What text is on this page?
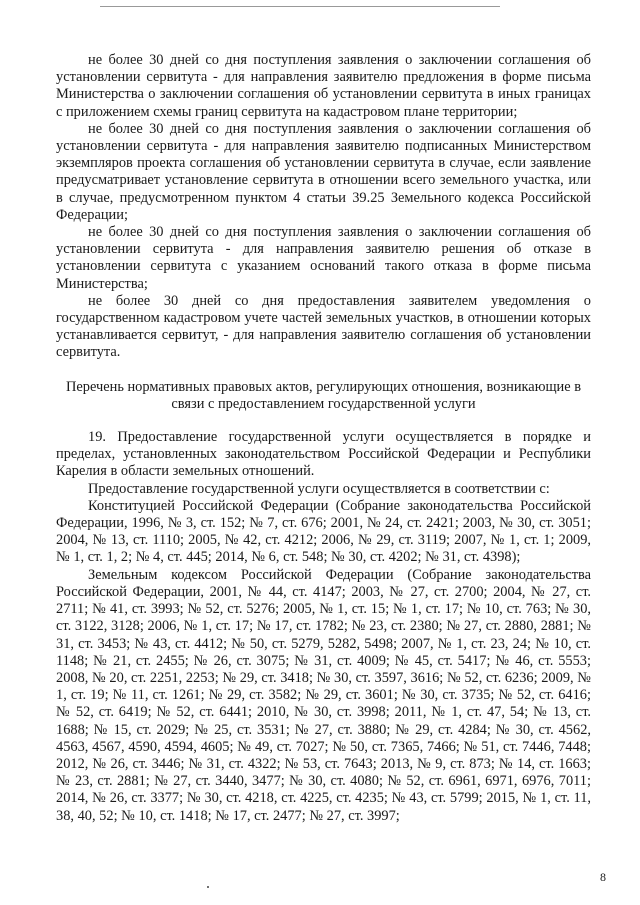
не более 30 дней со дня поступления заявления о заключении соглашения об установлении сервитута - для направления заявителю предложения в форме письма Министерства о заключении соглашения об установлении сервитута в иных границах с приложением схемы границ сервитута на кадастровом плане территории;

не более 30 дней со дня поступления заявления о заключении соглашения об установлении сервитута - для направления заявителю подписанных Министерством экземпляров проекта соглашения об установлении сервитута в случае, если заявление предусматривает установление сервитута в отношении всего земельного участка, или в случае, предусмотренном пунктом 4 статьи 39.25 Земельного кодекса Российской Федерации;

не более 30 дней со дня поступления заявления о заключении соглашения об установлении сервитута - для направления заявителю решения об отказе в установлении сервитута с указанием оснований такого отказа в форме письма Министерства;

не более 30 дней со дня предоставления заявителем уведомления о государственном кадастровом учете частей земельных участков, в отношении которых устанавливается сервитут, - для направления заявителю соглашения об установлении сервитута.

Перечень нормативных правовых актов, регулирующих отношения, возникающие в связи с предоставлением государственной услуги

19. Предоставление государственной услуги осуществляется в порядке и пределах, установленных законодательством Российской Федерации и Республики Карелия в области земельных отношений.

Предоставление государственной услуги осуществляется в соответствии с:

Конституцией Российской Федерации (Собрание законодательства Российской Федерации, 1996, № 3, ст. 152; № 7, ст. 676; 2001, № 24, ст. 2421; 2003, № 30, ст. 3051; 2004, № 13, ст. 1110; 2005, № 42, ст. 4212; 2006, № 29, ст. 3119; 2007, № 1, ст. 1; 2009, № 1, ст. 1, 2; № 4, ст. 445; 2014, № 6, ст. 548; № 30, ст. 4202; № 31, ст. 4398);

Земельным кодексом Российской Федерации (Собрание законодательства Российской Федерации, 2001, № 44, ст. 4147; 2003, № 27, ст. 2700; 2004, № 27, ст. 2711; № 41, ст. 3993; № 52, ст. 5276; 2005, № 1, ст. 15; № 1, ст. 17; № 10, ст. 763; № 30, ст. 3122, 3128; 2006, № 1, ст. 17; № 17, ст. 1782; № 23, ст. 2380; № 27, ст. 2880, 2881; № 31, ст. 3453; № 43, ст. 4412; № 50, ст. 5279, 5282, 5498; 2007, № 1, ст. 23, 24; № 10, ст. 1148; № 21, ст. 2455; № 26, ст. 3075; № 31, ст. 4009; № 45, ст. 5417; № 46, ст. 5553; 2008, № 20, ст. 2251, 2253; № 29, ст. 3418; № 30, ст. 3597, 3616; № 52, ст. 6236; 2009, № 1, ст. 19; № 11, ст. 1261; № 29, ст. 3582; № 29, ст. 3601; № 30, ст. 3735; № 52, ст. 6416; № 52, ст. 6419; № 52, ст. 6441; 2010, № 30, ст. 3998; 2011, № 1, ст. 47, 54; № 13, ст. 1688; № 15, ст. 2029; № 25, ст. 3531; № 27, ст. 3880; № 29, ст. 4284; № 30, ст. 4562, 4563, 4567, 4590, 4594, 4605; № 49, ст. 7027; № 50, ст. 7365, 7466; № 51, ст. 7446, 7448; 2012, № 26, ст. 3446; № 31, ст. 4322; № 53, ст. 7643; 2013, № 9, ст. 873; № 14, ст. 1663; № 23, ст. 2881; № 27, ст. 3440, 3477; № 30, ст. 4080; № 52, ст. 6961, 6971, 6976, 7011; 2014, № 26, ст. 3377; № 30, ст. 4218, ст. 4225, ст. 4235; № 43, ст. 5799; 2015, № 1, ст. 11, 38, 40, 52; № 10, ст. 1418; № 17, ст. 2477; № 27, ст. 3997;

8
